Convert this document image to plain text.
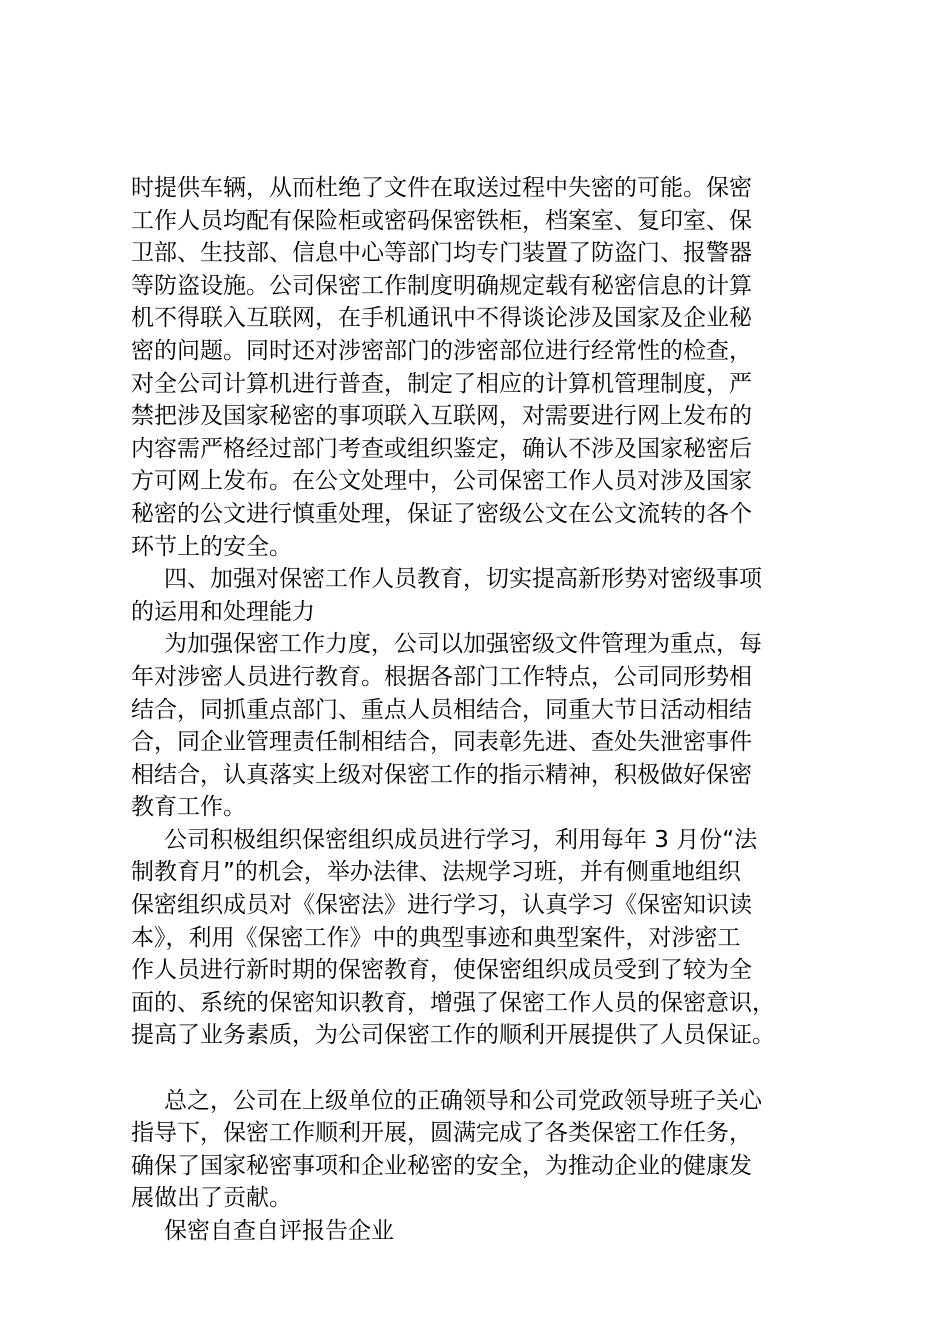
时提供车辆，从而杜绝了文件在取送过程中失密的可能。保密
工作人员均配有保险柜或密码保密铁柜，档案室、复印室、保
卫部、生技部、信息中心等部门均专门装置了防盗门、报警器
等防盗设施。公司保密工作制度明确规定载有秘密信息的计算
机不得联入互联网，在手机通讯中不得谈论涉及国家及企业秘
密的问题。同时还对涉密部门的涉密部位进行经常性的检查，
对全公司计算机进行普查，制定了相应的计算机管理制度，严
禁把涉及国家秘密的事项联入互联网，对需要进行网上发布的
内容需严格经过部门考查或组织鉴定，确认不涉及国家秘密后
方可网上发布。在公文处理中，公司保密工作人员对涉及国家
秘密的公文进行慎重处理，保证了密级公文在公文流转的各个
环节上的安全。
四、加强对保密工作人员教育，切实提高新形势对密级事项
的运用和处理能力
为加强保密工作力度，公司以加强密级文件管理为重点，每
年对涉密人员进行教育。根据各部门工作特点，公司同形势相
结合，同抓重点部门、重点人员相结合，同重大节日活动相结
合，同企业管理责任制相结合，同表彰先进、查处失泄密事件
相结合，认真落实上级对保密工作的指示精神，积极做好保密
教育工作。
公司积极组织保密组织成员进行学习，利用每年 3 月份“法
制教育月”的机会，举办法律、法规学习班，并有侧重地组织
保密组织成员对《保密法》进行学习，认真学习《保密知识读
本》，利用《保密工作》中的典型事迹和典型案件，对涉密工
作人员进行新时期的保密教育，使保密组织成员受到了较为全
面的、系统的保密知识教育，增强了保密工作人员的保密意识，
提高了业务素质，为公司保密工作的顺利开展提供了人员保证。
总之，公司在上级单位的正确领导和公司党政领导班子关心
指导下，保密工作顺利开展，圆满完成了各类保密工作任务，
确保了国家秘密事项和企业秘密的安全，为推动企业的健康发
展做出了贡献。
保密自查自评报告企业
